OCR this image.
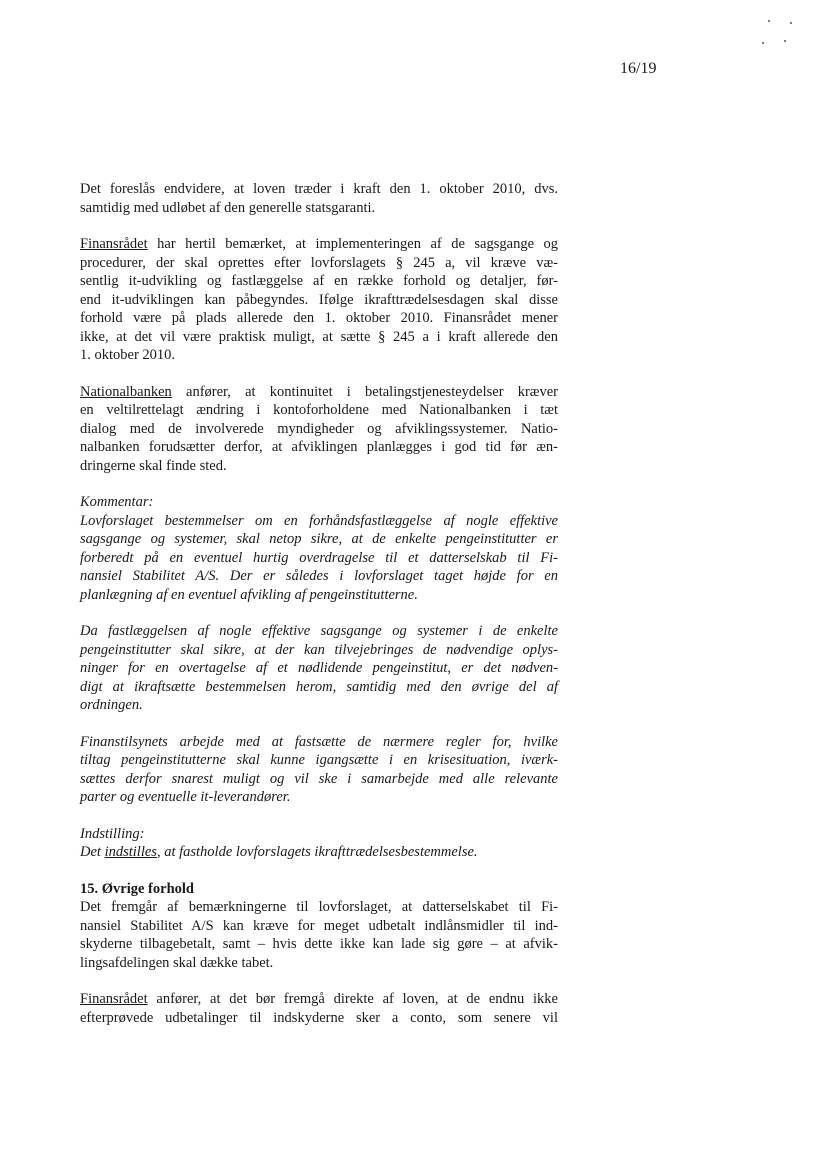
16/19
Det foreslås endvidere, at loven træder i kraft den 1. oktober 2010, dvs.
samtidig med udløbet af den generelle statsgaranti.
Finansrådet har hertil bemærket, at implementeringen af de sagsgange og
procedurer, der skal oprettes efter lovforslagets § 245 a, vil kræve væ-
sentlig it-udvikling og fastlæggelse af en række forhold og detaljer, før-
end it-udviklingen kan påbegyndes. Ifølge ikrafttrædelsesdagen skal disse
forhold være på plads allerede den 1. oktober 2010. Finansrådet mener
ikke, at det vil være praktisk muligt, at sætte § 245 a i kraft allerede den
1. oktober 2010.
Nationalbanken anfører, at kontinuitet i betalingstjenesteydelser kræver
en veltilrettelagt ændring i kontoforholdene med Nationalbanken i tæt
dialog med de involverede myndigheder og afviklingssystemer. Natio-
nalbanken forudsætter derfor, at afviklingen planlægges i god tid før æn-
dringerne skal finde sted.
Kommentar:
Lovforslaget bestemmelser om en forhåndsfastlæggelse af nogle effektive
sagsgange og systemer, skal netop sikre, at de enkelte pengeinstitutter er
forberedt på en eventuel hurtig overdragelse til et datterselskab til Fi-
nansiel Stabilitet A/S. Der er således i lovforslaget taget højde for en
planlægning af en eventuel afvikling af pengeinstitutterne.
Da fastlæggelsen af nogle effektive sagsgange og systemer i de enkelte
pengeinstitutter skal sikre, at der kan tilvejebringes de nødvendige oplys-
ninger for en overtagelse af et nødlidende pengeinstitut, er det nødven-
digt at ikraftsætte bestemmelsen herom, samtidig med den øvrige del af
ordningen.
Finanstilsynets arbejde med at fastsætte de nærmere regler for, hvilke
tiltag pengeinstitutterne skal kunne igangsætte i en krisesituation, iværk-
sættes derfor snarest muligt og vil ske i samarbejde med alle relevante
parter og eventuelle it-leverandører.
Indstilling:
Det indstilles, at fastholde lovforslagets ikrafttrædelsesbestemmelse.
15. Øvrige forhold
Det fremgår af bemærkningerne til lovforslaget, at datterselskabet til Fi-
nansiel Stabilitet A/S kan kræve for meget udbetalt indlånsmidler til ind-
skyderne tilbagebetalt, samt – hvis dette ikke kan lade sig gøre – at afvik-
lingsafdelingen skal dække tabet.
Finansrådet anfører, at det bør fremgå direkte af loven, at de endnu ikke
efterprøvede udbetalinger til indskyderne sker a conto, som senere vil
